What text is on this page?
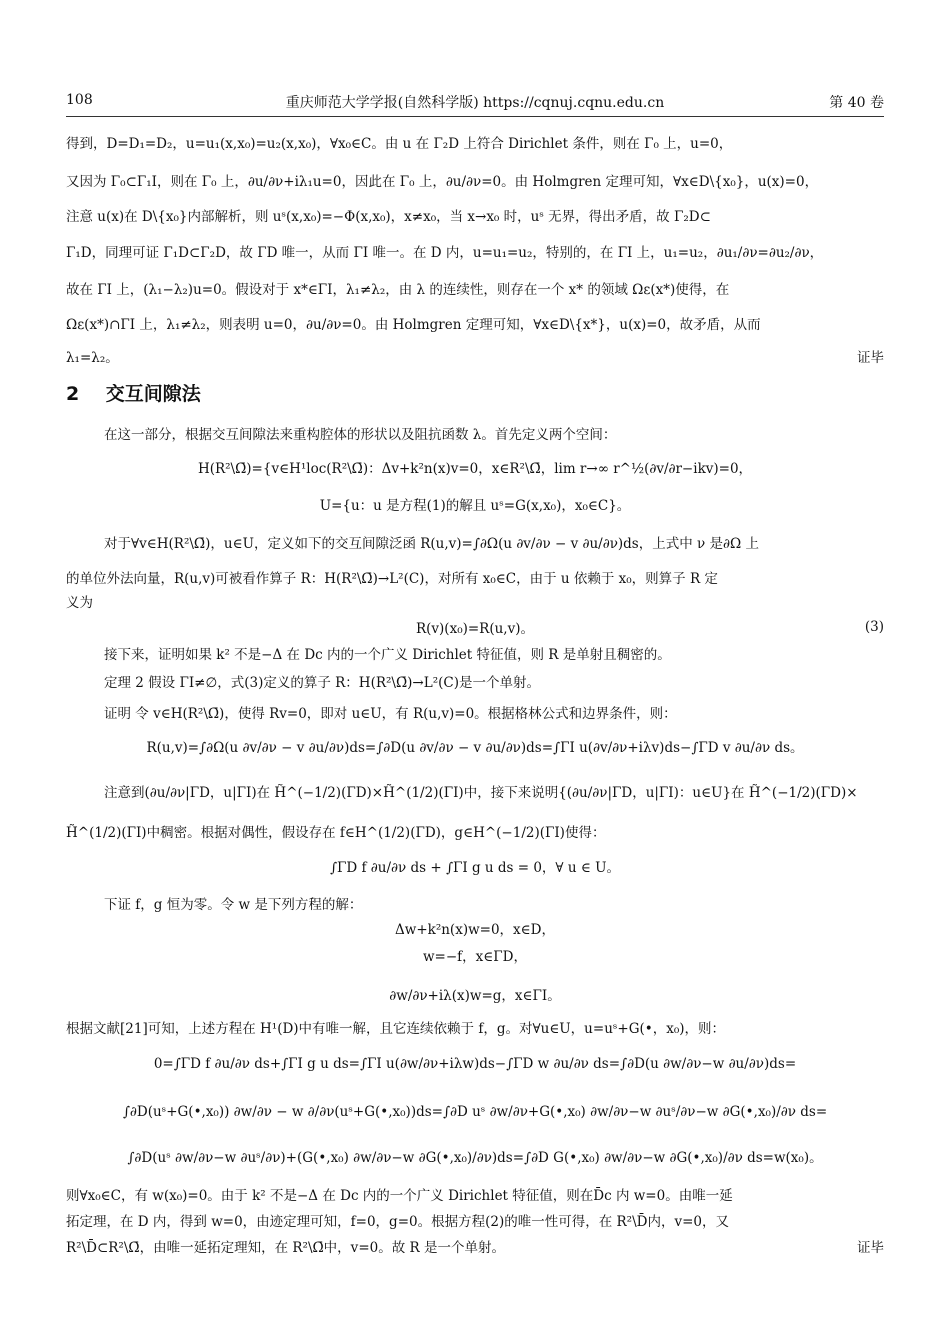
108	重庆师范大学学报(自然科学版) https://cqnuj.cqnu.edu.cn	第 40 卷
得到，D=D₁=D₂，u=u₁(x,x₀)=u₂(x,x₀)，∀x₀∈C。由 u 在 Γ₂D 上符合 Dirichlet 条件，则在 Γ₀ 上，u=0，
又因为 Γ₀⊂Γ₁I，则在 Γ₀ 上，∂u/∂ν+iλ₁u=0，因此在 Γ₀ 上，∂u/∂ν=0。由 Holmgren 定理可知，∀x∈D\{x₀}，u(x)=0，
注意 u(x)在 D\{x₀}内部解析，则 uˢ(x,x₀)=−Φ(x,x₀)，x≠x₀，当 x→x₀ 时，uˢ 无界，得出矛盾，故 Γ₂D⊂
Γ₁D，同理可证 Γ₁D⊂Γ₂D，故 ΓD 唯一，从而 ΓI 唯一。在 D 内，u=u₁=u₂，特别的，在 ΓI 上，u₁=u₂，∂u₁/∂ν=∂u₂/∂ν，
故在 ΓI 上，(λ₁−λ₂)u=0。假设对于 x*∈ΓI，λ₁≠λ₂，由 λ 的连续性，则存在一个 x* 的领域 Ωε(x*)使得，在
Ωε(x*)∩ΓI 上，λ₁≠λ₂，则表明 u=0，∂u/∂ν=0。由 Holmgren 定理可知，∀x∈D\{x*}，u(x)=0，故矛盾，从而
λ₁=λ₂。	证毕
2 交互间隙法
在这一部分，根据交互间隙法来重构腔体的形状以及阻抗函数 λ。首先定义两个空间：
H(R²\Ω̄)={v∈H¹loc(R²\Ω̄)：Δv+k²n(x)v=0，x∈R²\Ω̄，lim r→∞ r^½(∂v/∂r−ikv)=0，
U={u：u 是方程(1)的解且 uˢ=G(x,x₀)，x₀∈C}。
对于∀v∈H(R²\Ω̄)，u∈U，定义如下的交互间隙泛函 R(u,v)=∫∂Ω(u ∂v/∂ν − v ∂u/∂ν)ds，上式中 ν 是∂Ω 上
的单位外法向量，R(u,v)可被看作算子 R：H(R²\Ω̄)→L²(C)，对所有 x₀∈C，由于 u 依赖于 x₀，则算子 R 定
义为
R(v)(x₀)=R(u,v)。	(3)
接下来，证明如果 k² 不是−Δ 在 Dc 内的一个广义 Dirichlet 特征值，则 R 是单射且稠密的。
定理 2 假设 ΓI≠∅，式(3)定义的算子 R：H(R²\Ω̄)→L²(C)是一个单射。
证明 令 v∈H(R²\Ω̄)，使得 Rv=0，即对 u∈U，有 R(u,v)=0。根据格林公式和边界条件，则：
R(u,v)=∫∂Ω(u ∂v/∂ν − v ∂u/∂ν)ds=∫∂D(u ∂v/∂ν − v ∂u/∂ν)ds=∫ΓI u(∂v/∂ν+iλv)ds−∫ΓD v ∂u/∂ν ds。
注意到(∂u/∂ν|ΓD，u|ΓI)在 H̃^(−1/2)(ΓD)×H̃^(1/2)(ΓI)中，接下来说明{(∂u/∂ν|ΓD，u|ΓI)：u∈U}在 H̃^(−1/2)(ΓD)×
H̃^(1/2)(ΓI)中稠密。根据对偶性，假设存在 f∈H^(1/2)(ΓD)，g∈H^(−1/2)(ΓI)使得：
∫ΓD f ∂u/∂ν ds + ∫ΓI g u ds = 0，∀ u ∈ U。
下证 f，g 恒为零。令 w 是下列方程的解：
Δw+k²n(x)w=0，x∈D，
w=−f，x∈ΓD，
∂w/∂ν+iλ(x)w=g，x∈ΓI。
根据文献[21]可知，上述方程在 H¹(D)中有唯一解，且它连续依赖于 f，g。对∀u∈U，u=uˢ+G(•，x₀)，则：
0=∫ΓD f ∂u/∂ν ds+∫ΓI g u ds=∫ΓI u(∂w/∂ν+iλw)ds−∫ΓD w ∂u/∂ν ds=∫∂D(u ∂w/∂ν−w ∂u/∂ν)ds=
∫∂D(uˢ+G(•,x₀)) ∂w/∂ν − w ∂/∂ν(uˢ+G(•,x₀))ds=∫∂D uˢ ∂w/∂ν+G(•,x₀) ∂w/∂ν−w ∂uˢ/∂ν−w ∂G(•,x₀)/∂ν ds=
∫∂D(uˢ ∂w/∂ν−w ∂uˢ/∂ν)+(G(•,x₀) ∂w/∂ν−w ∂G(•,x₀)/∂ν)ds=∫∂D G(•,x₀) ∂w/∂ν−w ∂G(•,x₀)/∂ν ds=w(x₀)。
则∀x₀∈C，有 w(x₀)=0。由于 k² 不是−Δ 在 Dc 内的一个广义 Dirichlet 特征值，则在D̄c 内 w=0。由唯一延
拓定理，在 D 内，得到 w=0，由迹定理可知，f=0，g=0。根据方程(2)的唯一性可得，在 R²\D̄内，v=0，又
R²\D̄⊂R²\Ω̄，由唯一延拓定理知，在 R²\Ω̄中，v=0。故 R 是一个单射。	证毕
